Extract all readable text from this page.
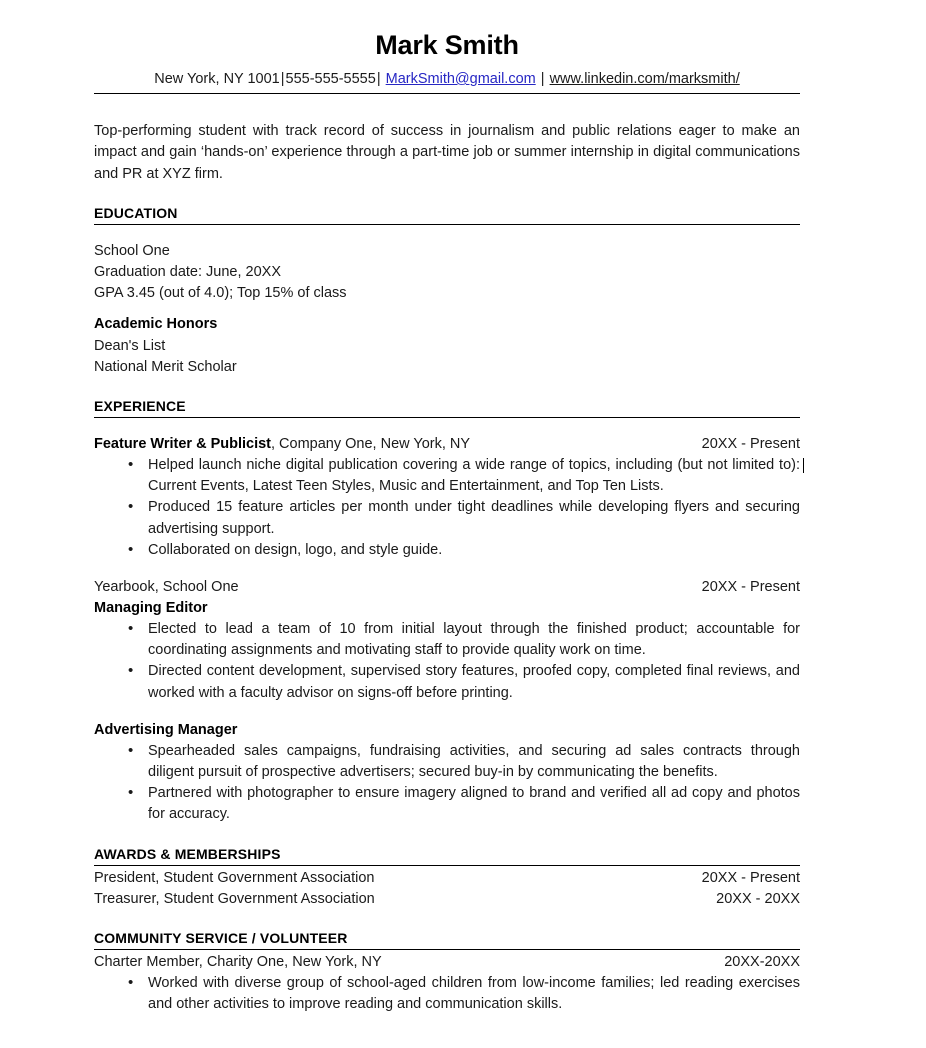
Mark Smith
New York, NY 1001|555-555-5555| MarkSmith@gmail.com | www.linkedin.com/marksmith/

Top-performing student with track record of success in journalism and public relations eager to make an impact and gain ‘hands-on’ experience through a part-time job or summer internship in digital communications and PR at XYZ firm.

EDUCATION
School One
Graduation date: June, 20XX
GPA 3.45 (out of 4.0); Top 15% of class
Academic Honors
Dean's List
National Merit Scholar
EXPERIENCE
Feature Writer & Publicist, Company One, New York, NY	20XX - Present
• Helped launch niche digital publication covering a wide range of topics, including (but not limited to): Current Events, Latest Teen Styles, Music and Entertainment, and Top Ten Lists.
• Produced 15 feature articles per month under tight deadlines while developing flyers and securing advertising support.
• Collaborated on design, logo, and style guide.
Yearbook, School One	20XX - Present
Managing Editor
• Elected to lead a team of 10 from initial layout through the finished product; accountable for coordinating assignments and motivating staff to provide quality work on time.
• Directed content development, supervised story features, proofed copy, completed final reviews, and worked with a faculty advisor on signs-off before printing.
Advertising Manager
• Spearheaded sales campaigns, fundraising activities, and securing ad sales contracts through diligent pursuit of prospective advertisers; secured buy-in by communicating the benefits.
• Partnered with photographer to ensure imagery aligned to brand and verified all ad copy and photos for accuracy.
AWARDS & MEMBERSHIPS
President, Student Government Association	20XX - Present
Treasurer, Student Government Association	20XX - 20XX
COMMUNITY SERVICE / VOLUNTEER
Charter Member, Charity One, New York, NY	20XX-20XX
• Worked with diverse group of school-aged children from low-income families; led reading exercises and other activities to improve reading and communication skills.
